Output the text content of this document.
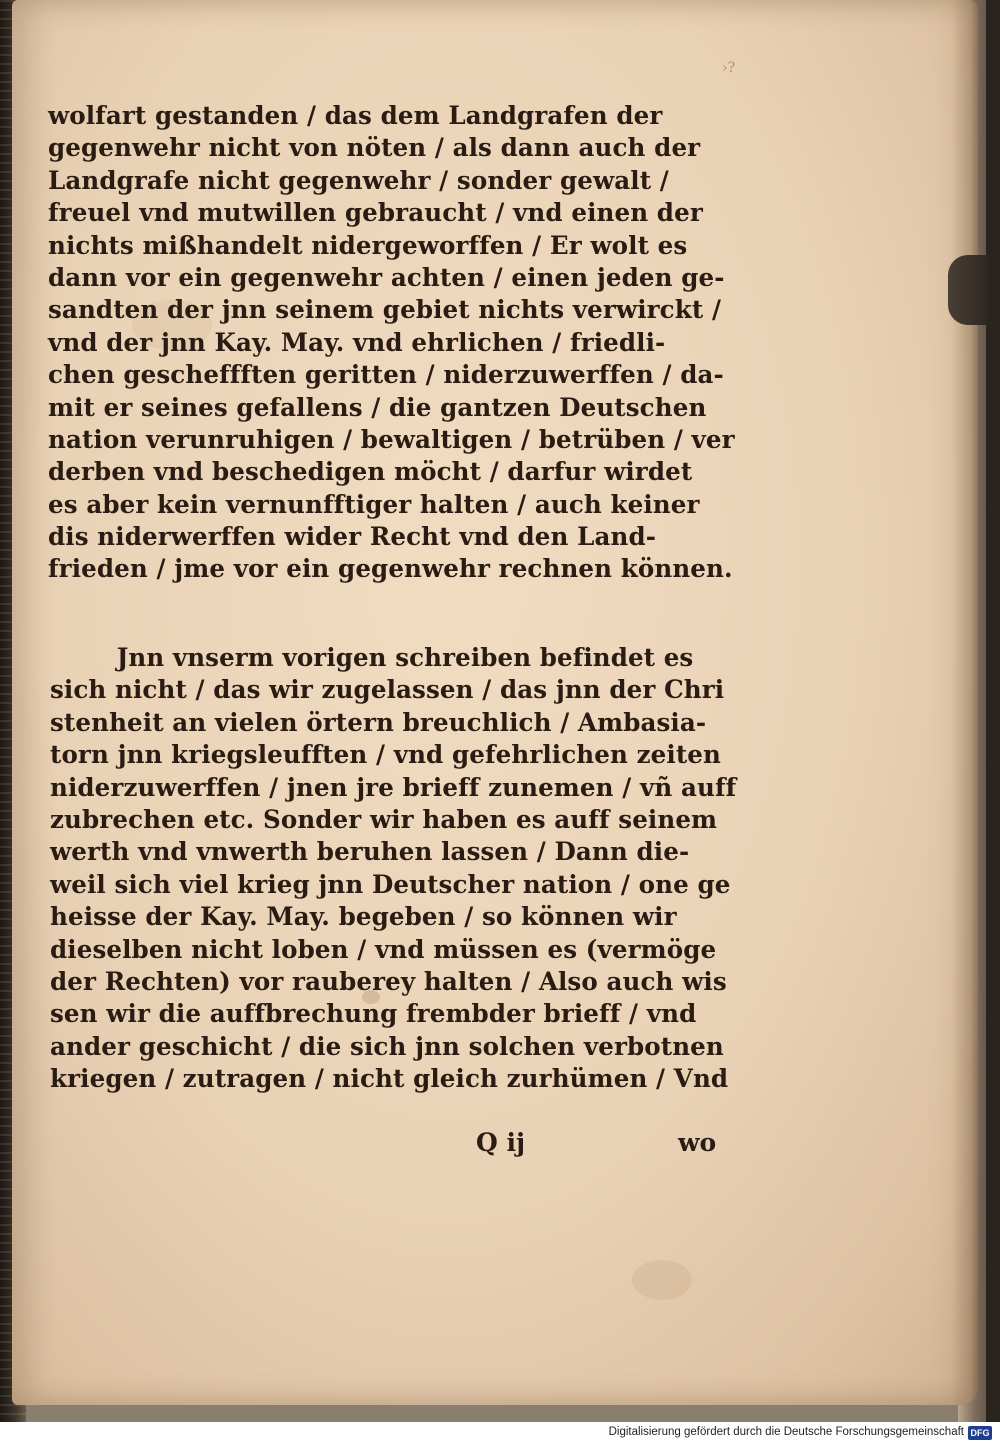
›?
wolfart gestanden / das dem Landgrafen der
gegenwehr nicht von nöten / als dann auch der
Landgrafe nicht gegenwehr / sonder gewalt /
freuel vnd mutwillen gebraucht / vnd einen der
nichts mißhandelt nidergeworffen / Er wolt es
dann vor ein gegenwehr achten / einen jeden ge-
sandten der jnn seinem gebiet nichts verwirckt /
vnd der jnn Kay. May. vnd ehrlichen / friedli-
chen gescheffften geritten / niderzuwerffen / da-
mit er seines gefallens / die gantzen Deutschen
nation verunruhigen / bewaltigen / betrüben / ver
derben vnd beschedigen möcht / darfur wirdet
es aber kein vernunfftiger halten / auch keiner
dis niderwerffen wider Recht vnd den Land-
frieden / jme vor ein gegenwehr rechnen können.
Jnn vnserm vorigen schreiben befindet es
sich nicht / das wir zugelassen / das jnn der Chri
stenheit an vielen örtern breuchlich / Ambasia-
torn jnn kriegsleufften / vnd gefehrlichen zeiten
niderzuwerffen / jnen jre brieff zunemen / vñ auff
zubrechen etc. Sonder wir haben es auff seinem
werth vnd vnwerth beruhen lassen / Dann die-
weil sich viel krieg jnn Deutscher nation / one ge
heisse der Kay. May. begeben / so können wir
dieselben nicht loben / vnd müssen es (vermöge
der Rechten) vor rauberey halten / Also auch wis
sen wir die auffbrechung frembder brieff / vnd
ander geschicht / die sich jnn solchen verbotnen
kriegen / zutragen / nicht gleich zurhümen / Vnd
Q ij	wo
Digitalisierung gefördert durch die Deutsche Forschungsgemeinschaft DFG
